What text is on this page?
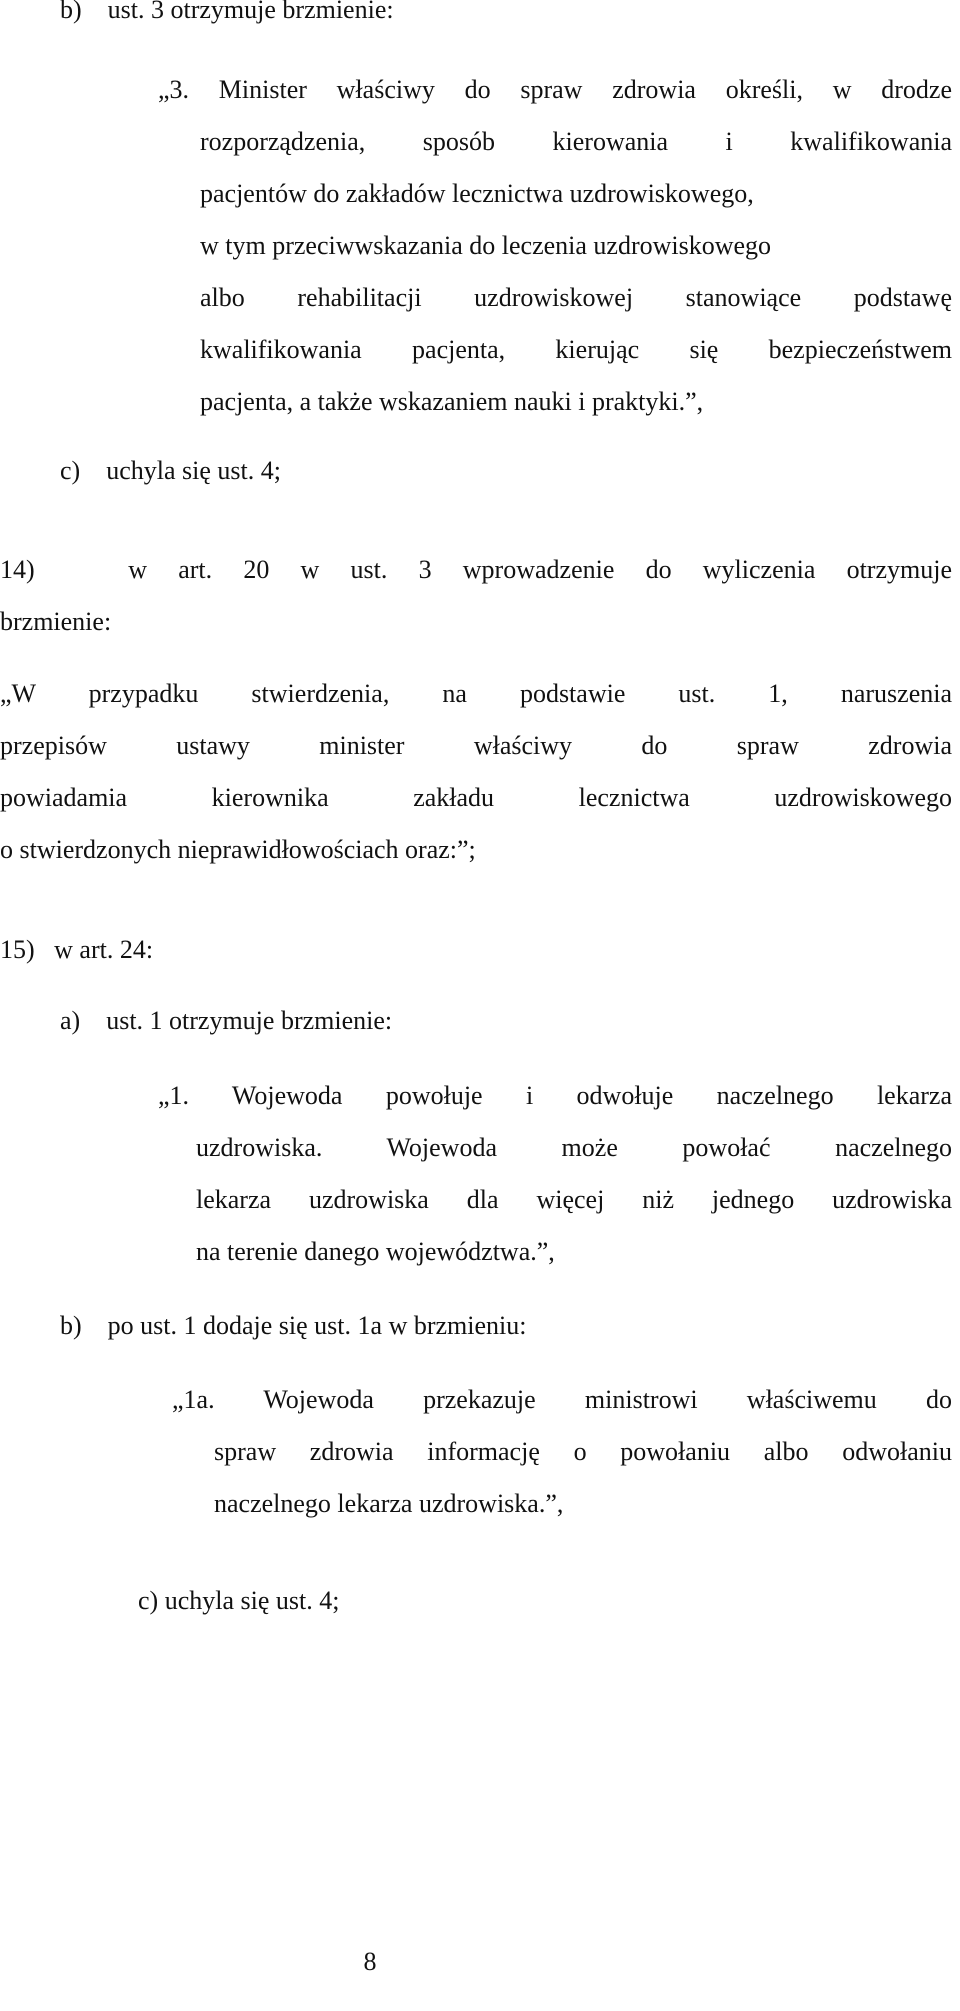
b)    ust. 3 otrzymuje brzmienie:
„3. Minister właściwy do spraw zdrowia określi, w drodze
rozporządzenia, sposób kierowania i kwalifikowania
pacjentów do zakładów lecznictwa uzdrowiskowego,
w tym przeciwwskazania do leczenia uzdrowiskowego
albo rehabilitacji uzdrowiskowej stanowiące podstawę
kwalifikowania pacjenta, kierując się bezpieczeństwem
pacjenta, a także wskazaniem nauki i praktyki.”,
c)    uchyla się ust. 4;
14)   w art. 20 w ust. 3 wprowadzenie do wyliczenia otrzymuje
brzmienie:
„W przypadku stwierdzenia, na podstawie ust. 1, naruszenia
przepisów ustawy minister właściwy do spraw zdrowia
powiadamia kierownika zakładu lecznictwa uzdrowiskowego
o stwierdzonych nieprawidłowościach oraz:”;
15)   w art. 24:
a)    ust. 1 otrzymuje brzmienie:
„1. Wojewoda powołuje i odwołuje naczelnego lekarza
uzdrowiska. Wojewoda może powołać naczelnego
lekarza uzdrowiska dla więcej niż jednego uzdrowiska
na terenie danego województwa.”,
b)    po ust. 1 dodaje się ust. 1a w brzmieniu:
„1a. Wojewoda przekazuje ministrowi właściwemu do
spraw zdrowia informację o powołaniu albo odwołaniu
naczelnego lekarza uzdrowiska.”,
c) uchyla się ust. 4;
8
